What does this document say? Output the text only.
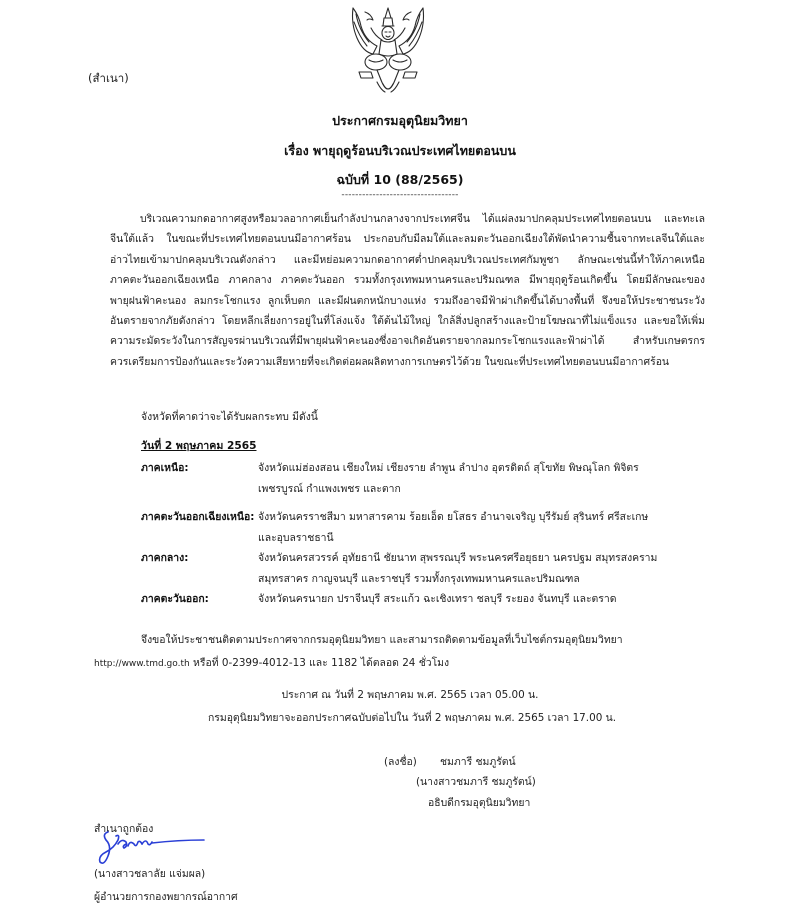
(สำเนา)
ประกาศกรมอุตุนิยมวิทยา
เรื่อง พายุฤดูร้อนบริเวณประเทศไทยตอนบน
ฉบับที่ 10 (88/2565)
----------------------------------
บริเวณความกดอากาศสูงหรือมวลอากาศเย็นกำลังปานกลางจากประเทศจีน ได้แผ่ลงมาปกคลุมประเทศไทยตอนบน และทะเล
จีนใต้แล้ว ในขณะที่ประเทศไทยตอนบนมีอากาศร้อน ประกอบกับมีลมใต้และลมตะวันออกเฉียงใต้พัดนำความชื้นจากทะเลจีนใต้และ
อ่าวไทยเข้ามาปกคลุมบริเวณดังกล่าว และมีหย่อมความกดอากาศต่ำปกคลุมบริเวณประเทศกัมพูชา ลักษณะเช่นนี้ทำให้ภาคเหนือ
ภาคตะวันออกเฉียงเหนือ ภาคกลาง ภาคตะวันออก รวมทั้งกรุงเทพมหานครและปริมณฑล มีพายุฤดูร้อนเกิดขึ้น โดยมีลักษณะของ
พายุฝนฟ้าคะนอง ลมกระโชกแรง ลูกเห็บตก และมีฝนตกหนักบางแห่ง รวมถึงอาจมีฟ้าผ่าเกิดขึ้นได้บางพื้นที่ จึงขอให้ประชาชนระวัง
อันตรายจากภัยดังกล่าว โดยหลีกเลี่ยงการอยู่ในที่โล่งแจ้ง ใต้ต้นไม้ใหญ่ ใกล้สิ่งปลูกสร้างและป้ายโฆษณาที่ไม่แข็งแรง และขอให้เพิ่ม
ความระมัดระวังในการสัญจรผ่านบริเวณที่มีพายุฝนฟ้าคะนองซึ่งอาจเกิดอันตรายจากลมกระโชกแรงและฟ้าผ่าได้ สำหรับเกษตรกร
ควรเตรียมการป้องกันและระวังความเสียหายที่จะเกิดต่อผลผลิตทางการเกษตรไว้ด้วย ในขณะที่ประเทศไทยตอนบนมีอากาศร้อน
จังหวัดที่คาดว่าจะได้รับผลกระทบ มีดังนี้
วันที่ 2 พฤษภาคม 2565
ภาคเหนือ:	จังหวัดแม่ฮ่องสอน เชียงใหม่ เชียงราย ลำพูน ลำปาง อุตรดิตถ์ สุโขทัย พิษณุโลก พิจิตร
เพชรบูรณ์ กำแพงเพชร และตาก
ภาคตะวันออกเฉียงเหนือ: จังหวัดนครราชสีมา มหาสารคาม ร้อยเอ็ด ยโสธร อำนาจเจริญ บุรีรัมย์ สุรินทร์ ศรีสะเกษ
และอุบลราชธานี
ภาคกลาง:	จังหวัดนครสวรรค์ อุทัยธานี ชัยนาท สุพรรณบุรี พระนครศรีอยุธยา นครปฐม สมุทรสงคราม
สมุทรสาคร กาญจนบุรี และราชบุรี รวมทั้งกรุงเทพมหานครและปริมณฑล
ภาคตะวันออก:	จังหวัดนครนายก ปราจีนบุรี สระแก้ว ฉะเชิงเทรา ชลบุรี ระยอง จันทบุรี และตราด
จึงขอให้ประชาชนติดตามประกาศจากกรมอุตุนิยมวิทยา และสามารถติดตามข้อมูลที่เว็บไซต์กรมอุตุนิยมวิทยา
http://www.tmd.go.th หรือที่ 0-2399-4012-13 และ 1182 ได้ตลอด 24 ชั่วโมง
ประกาศ ณ วันที่ 2 พฤษภาคม พ.ศ. 2565 เวลา 05.00 น.
กรมอุตุนิยมวิทยาจะออกประกาศฉบับต่อไปใน วันที่ 2 พฤษภาคม พ.ศ. 2565 เวลา 17.00 น.
(ลงชื่อ) ชมภารี ชมภูรัตน์
(นางสาวชมภารี ชมภูรัตน์)
อธิบดีกรมอุตุนิยมวิทยา
สำเนาถูกต้อง
(นางสาวชลาลัย แจ่มผล)
ผู้อำนวยการกองพยากรณ์อากาศ
